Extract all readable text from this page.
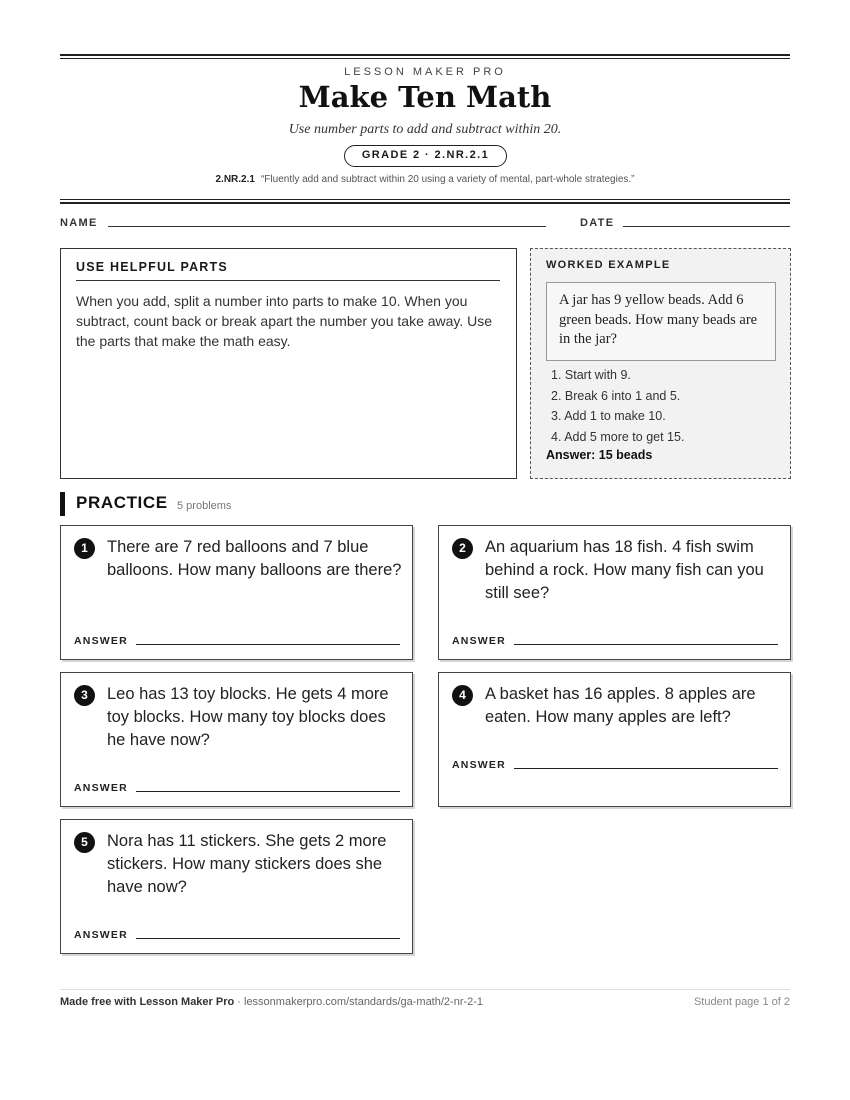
LESSON MAKER PRO
Make Ten Math
Use number parts to add and subtract within 20.
GRADE 2 · 2.NR.2.1
2.NR.2.1 “Fluently add and subtract within 20 using a variety of mental, part-whole strategies.”
NAME	DATE
USE HELPFUL PARTS
When you add, split a number into parts to make 10. When you subtract, count back or break apart the number you take away. Use the parts that make the math easy.
WORKED EXAMPLE
A jar has 9 yellow beads. Add 6 green beads. How many beads are in the jar?
1. Start with 9.
2. Break 6 into 1 and 5.
3. Add 1 to make 10.
4. Add 5 more to get 15.
Answer: 15 beads
PRACTICE 5 problems
1	There are 7 red balloons and 7 blue balloons. How many balloons are there?
ANSWER
2	An aquarium has 18 fish. 4 fish swim behind a rock. How many fish can you still see?
ANSWER
3	Leo has 13 toy blocks. He gets 4 more toy blocks. How many toy blocks does he have now?
ANSWER
4	A basket has 16 apples. 8 apples are eaten. How many apples are left?
ANSWER
5	Nora has 11 stickers. She gets 2 more stickers. How many stickers does she have now?
ANSWER
Made free with Lesson Maker Pro · lessonmakerpro.com/standards/ga-math/2-nr-2-1	Student page 1 of 2
